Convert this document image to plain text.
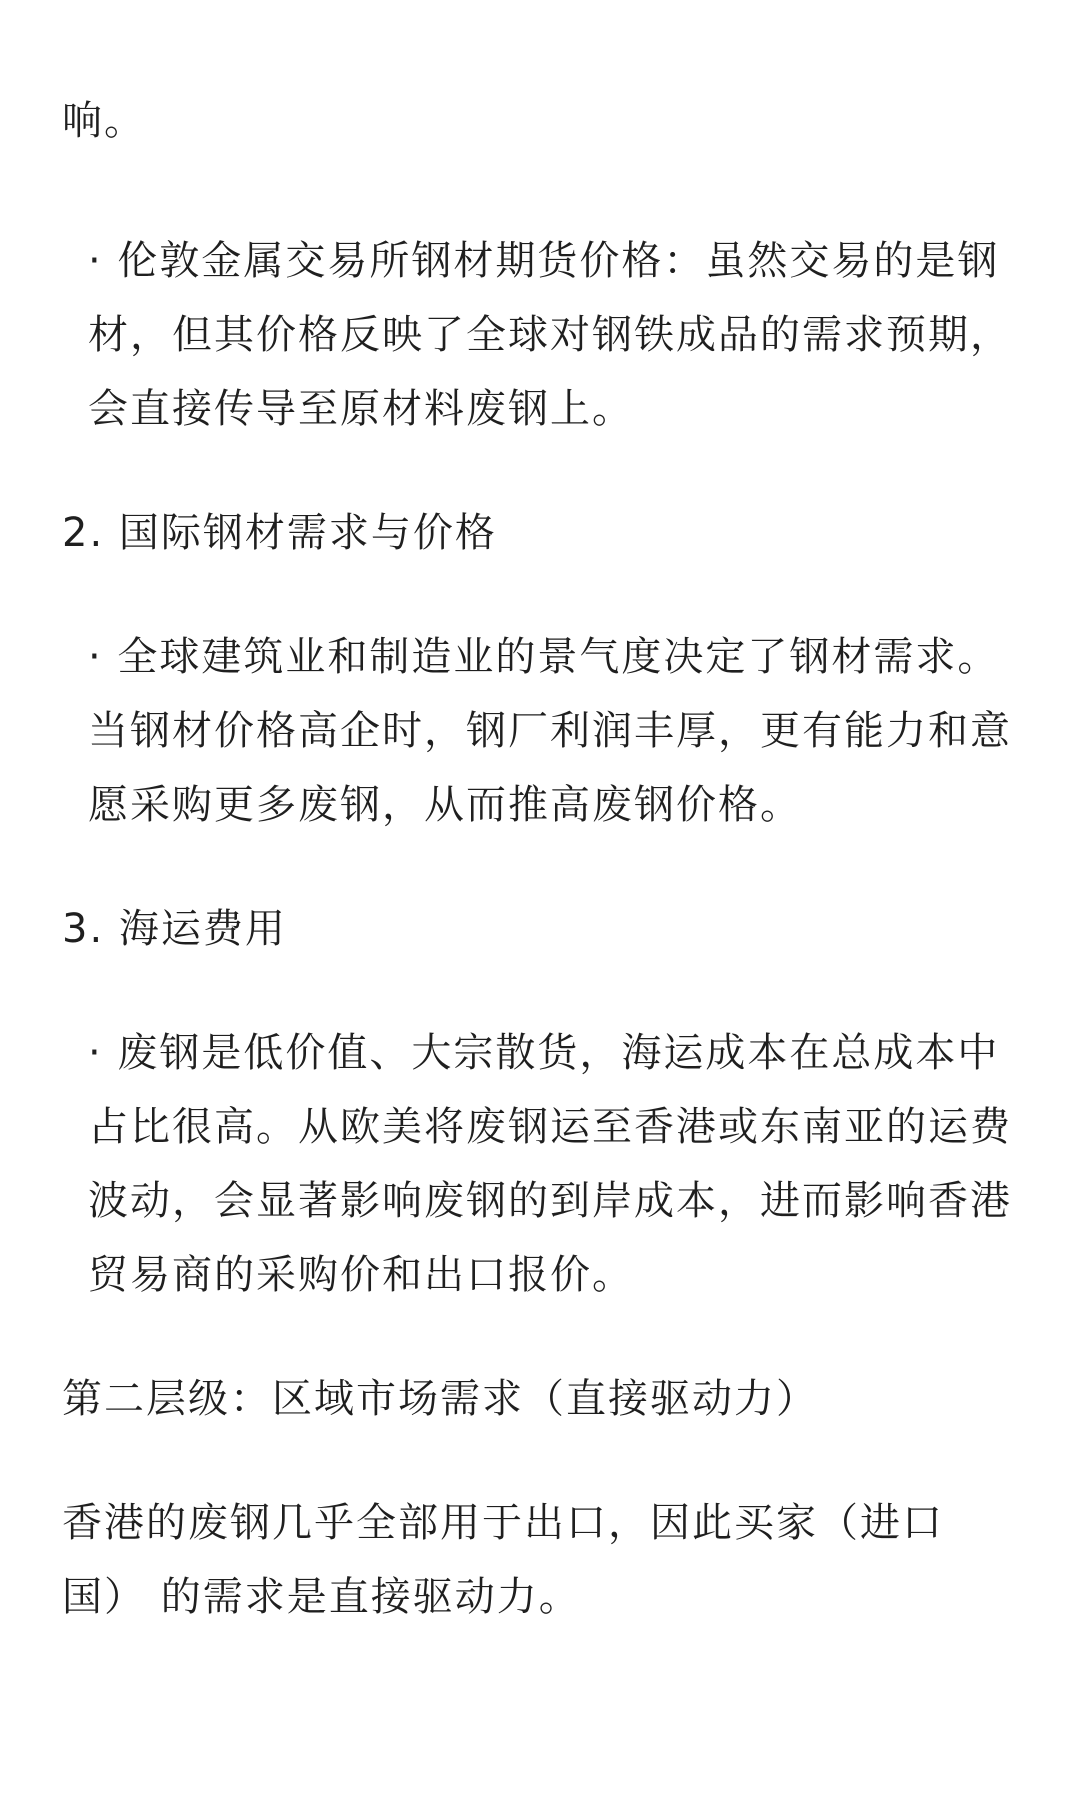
响。

· 伦敦金属交易所钢材期货价格：虽然交易的是钢
材，但其价格反映了全球对钢铁成品的需求预期，
会直接传导至原材料废钢上。

2. 国际钢材需求与价格

· 全球建筑业和制造业的景气度决定了钢材需求。
当钢材价格高企时，钢厂利润丰厚，更有能力和意
愿采购更多废钢，从而推高废钢价格。

3. 海运费用

· 废钢是低价值、大宗散货，海运成本在总成本中
占比很高。从欧美将废钢运至香港或东南亚的运费
波动，会显著影响废钢的到岸成本，进而影响香港
贸易商的采购价和出口报价。

第二层级：区域市场需求（直接驱动力）

香港的废钢几乎全部用于出口，因此买家（进口
国） 的需求是直接驱动力。
